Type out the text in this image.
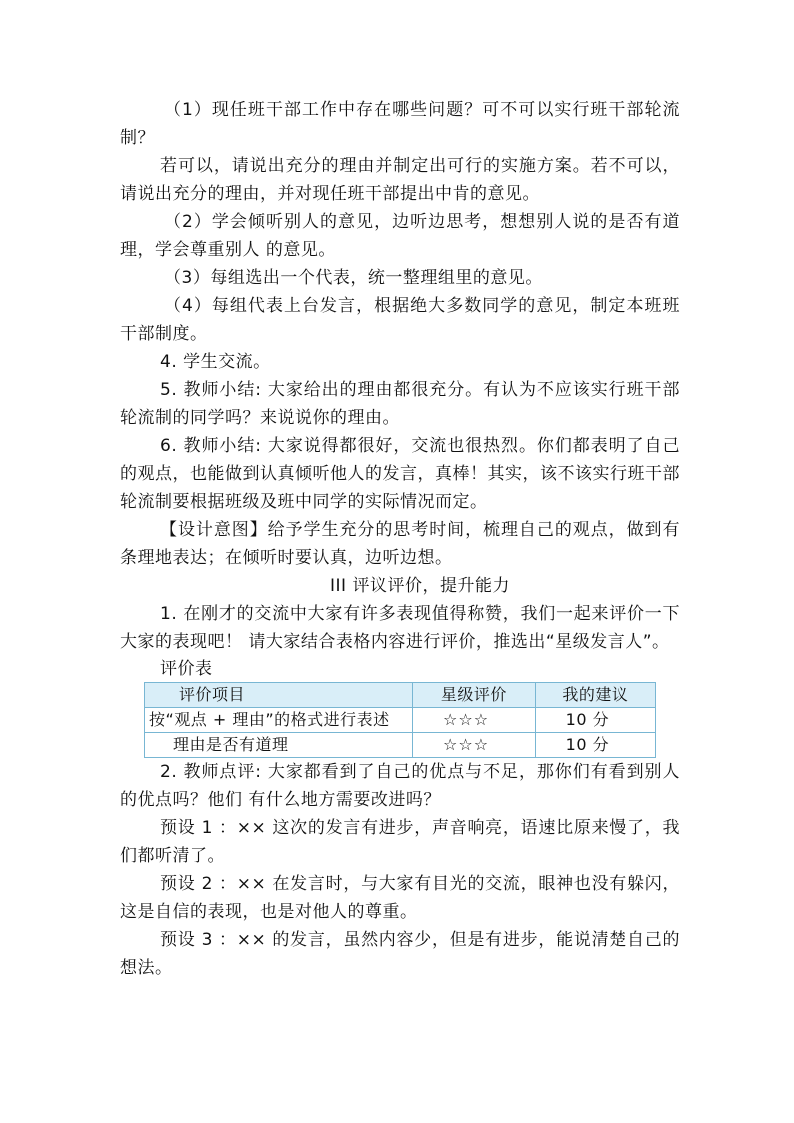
（1）现任班干部工作中存在哪些问题？可不可以实行班干部轮流制？

若可以，请说出充分的理由并制定出可行的实施方案。若不可以，请说出充分的理由，并对现任班干部提出中肯的意见。

（2）学会倾听别人的意见，边听边思考，想想别人说的是否有道理，学会尊重别人 的意见。

（3）每组选出一个代表，统一整理组里的意见。

（4）每组代表上台发言，根据绝大多数同学的意见，制定本班班干部制度。

4. 学生交流。

5. 教师小结: 大家给出的理由都很充分。有认为不应该实行班干部轮流制的同学吗？来说说你的理由。

6. 教师小结: 大家说得都很好，交流也很热烈。你们都表明了自己的观点，也能做到认真倾听他人的发言，真棒！其实，该不该实行班干部轮流制要根据班级及班中同学的实际情况而定。

【设计意图】给予学生充分的思考时间，梳理自己的观点，做到有条理地表达；在倾听时要认真，边听边想。

III 评议评价，提升能力

1. 在刚才的交流中大家有许多表现值得称赞，我们一起来评价一下大家的表现吧！ 请大家结合表格内容进行评价，推选出“星级发言人”。

评价表

评价项目	星级评价	我的建议
按“观点 + 理由”的格式进行表述	☆☆☆	10 分
理由是否有道理	☆☆☆	10 分

2. 教师点评: 大家都看到了自己的优点与不足，那你们有看到别人的优点吗？他们 有什么地方需要改进吗？

预设 1 ：×× 这次的发言有进步，声音响亮，语速比原来慢了，我们都听清了。

预设 2 ：×× 在发言时，与大家有目光的交流，眼神也没有躲闪，这是自信的表现，也是对他人的尊重。

预设 3 ：×× 的发言，虽然内容少，但是有进步，能说清楚自己的想法。
